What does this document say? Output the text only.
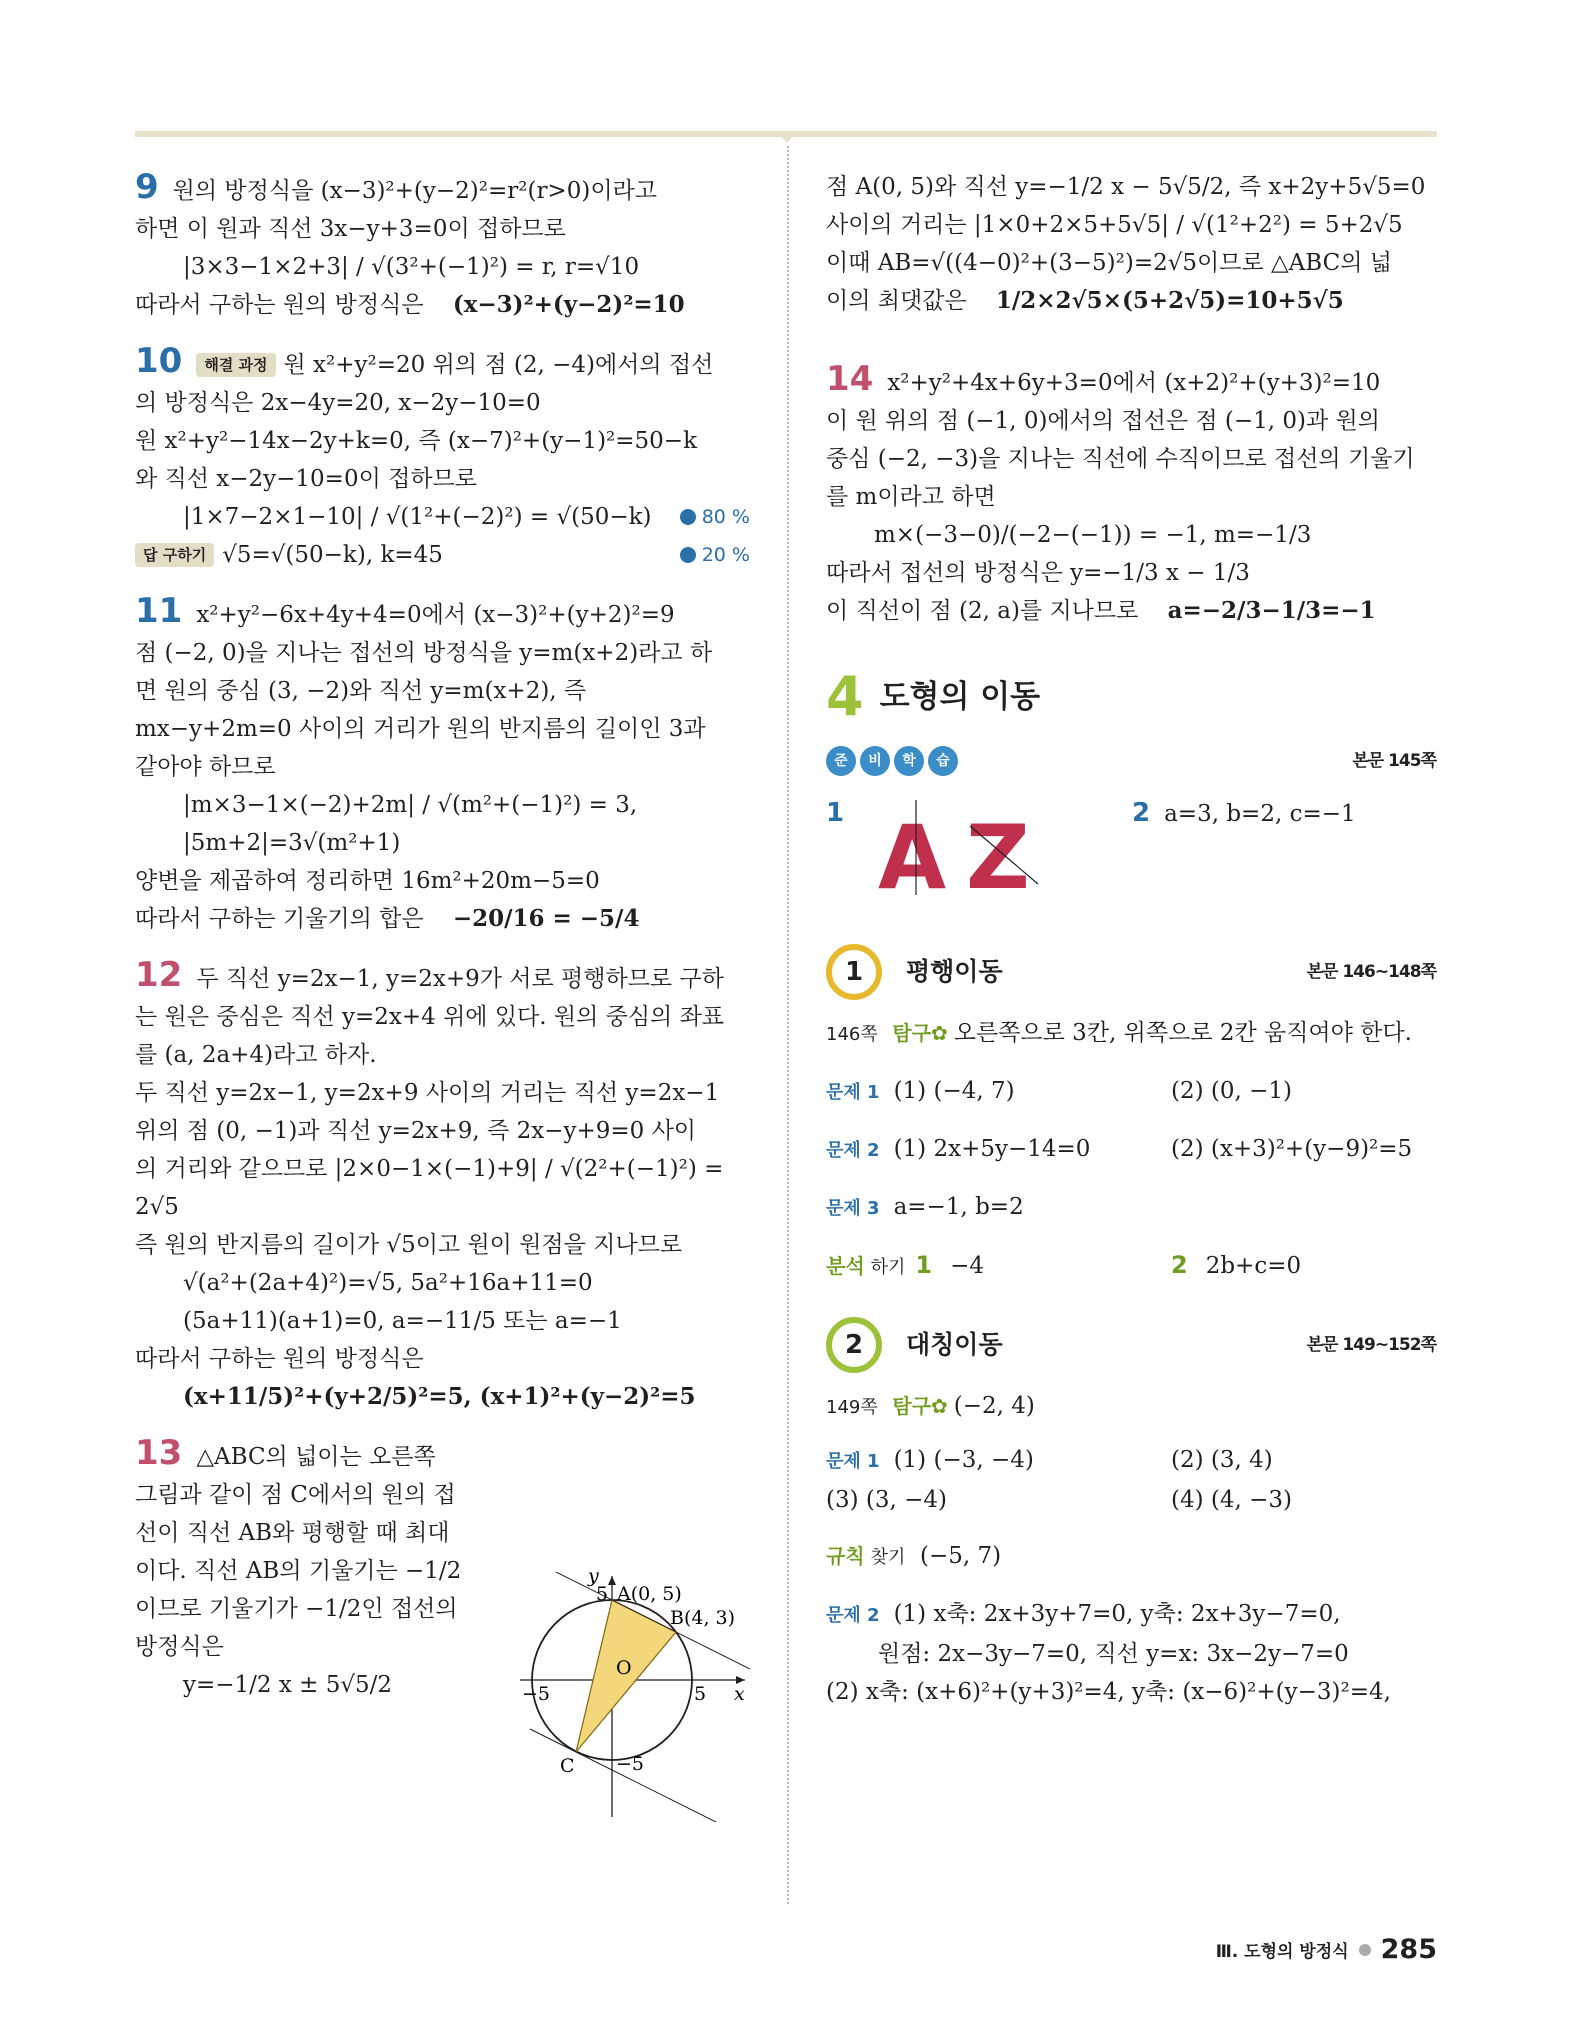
9 원의 방정식을 (x−3)²+(y−2)²=r²(r>0)이라고

하면 이 원과 직선 3x−y+3=0이 접하므로

|3×3−1×2+3| / √(3²+(−1)²) = r, r=√10

따라서 구하는 원의 방정식은 (x−3)²+(y−2)²=10

10 해결 과정 원 x²+y²=20 위의 점 (2, −4)에서의 접선

의 방정식은 2x−4y=20, x−2y−10=0

원 x²+y²−14x−2y+k=0, 즉 (x−7)²+(y−1)²=50−k

와 직선 x−2y−10=0이 접하므로

|1×7−2×1−10| / √(1²+(−2)²) = √(50−k)	80 %

답 구하기 √5=√(50−k), k=45	20 %

11 x²+y²−6x+4y+4=0에서 (x−3)²+(y+2)²=9

점 (−2, 0)을 지나는 접선의 방정식을 y=m(x+2)라고 하

면 원의 중심 (3, −2)와 직선 y=m(x+2), 즉

mx−y+2m=0 사이의 거리가 원의 반지름의 길이인 3과

같아야 하므로

|m×3−1×(−2)+2m| / √(m²+(−1)²) = 3, |5m+2|=3√(m²+1)

양변을 제곱하여 정리하면 16m²+20m−5=0

따라서 구하는 기울기의 합은 −20/16 = −5/4

12 두 직선 y=2x−1, y=2x+9가 서로 평행하므로 구하

는 원은 중심은 직선 y=2x+4 위에 있다. 원의 중심의 좌표

를 (a, 2a+4)라고 하자.

두 직선 y=2x−1, y=2x+9 사이의 거리는 직선 y=2x−1

위의 점 (0, −1)과 직선 y=2x+9, 즉 2x−y+9=0 사이

의 거리와 같으므로 |2×0−1×(−1)+9| / √(2²+(−1)²) = 2√5

즉 원의 반지름의 길이가 √5이고 원이 원점을 지나므로

√(a²+(2a+4)²)=√5, 5a²+16a+11=0

(5a+11)(a+1)=0, a=−11/5 또는 a=−1

따라서 구하는 원의 방정식은

(x+11/5)²+(y+2/5)²=5, (x+1)²+(y−2)²=5

13 △ABC의 넓이는 오른쪽

그림과 같이 점 C에서의 원의 접

선이 직선 AB와 평행할 때 최대

이다. 직선 AB의 기울기는 −1/2

이므로 기울기가 −1/2인 접선의

방정식은

y=−1/2 x ± 5√5/2

y
x
A(0, 5)
B(4, 3)
C
O
5
−5	5
−5

점 A(0, 5)와 직선 y=−1/2 x − 5√5/2, 즉 x+2y+5√5=0

사이의 거리는 |1×0+2×5+5√5| / √(1²+2²) = 5+2√5

이때 AB=√((4−0)²+(3−5)²)=2√5이므로 △ABC의 넓

이의 최댓값은 1/2×2√5×(5+2√5)=10+5√5

14 x²+y²+4x+6y+3=0에서 (x+2)²+(y+3)²=10

이 원 위의 점 (−1, 0)에서의 접선은 점 (−1, 0)과 원의

중심 (−2, −3)을 지나는 직선에 수직이므로 접선의 기울기

를 m이라고 하면

m×(−3−0)/(−2−(−1)) = −1, m=−1/3

따라서 접선의 방정식은 y=−1/3 x − 1/3

이 직선이 점 (2, a)를 지나므로 a=−2/3−1/3=−1

4 도형의 이동
준	비	학	습	본문 145쪽
1 A Z	2 a=3, b=2, c=−1
1	평행이동	본문 146~148쪽

146쪽 탐구✿ 오른쪽으로 3칸, 위쪽으로 2칸 움직여야 한다.

문제 1 (1) (−4, 7)	(2) (0, −1)
문제 2 (1) 2x+5y−14=0	(2) (x+3)²+(y−9)²=5
문제 3 a=−1, b=2
분석 하기 1 −4	2 2b+c=0
2	대칭이동	본문 149~152쪽

149쪽 탐구✿ (−2, 4)

문제 1 (1) (−3, −4)	(2) (3, 4)
(3) (3, −4)	(4) (4, −3)

규칙 찾기 (−5, 7)

문제 2 (1) x축: 2x+3y+7=0, y축: 2x+3y−7=0,

원점: 2x−3y−7=0, 직선 y=x: 3x−2y−7=0

(2) x축: (x+6)²+(y+3)²=4, y축: (x−6)²+(y−3)²=4,

Ⅲ. 도형의 방정식 285
